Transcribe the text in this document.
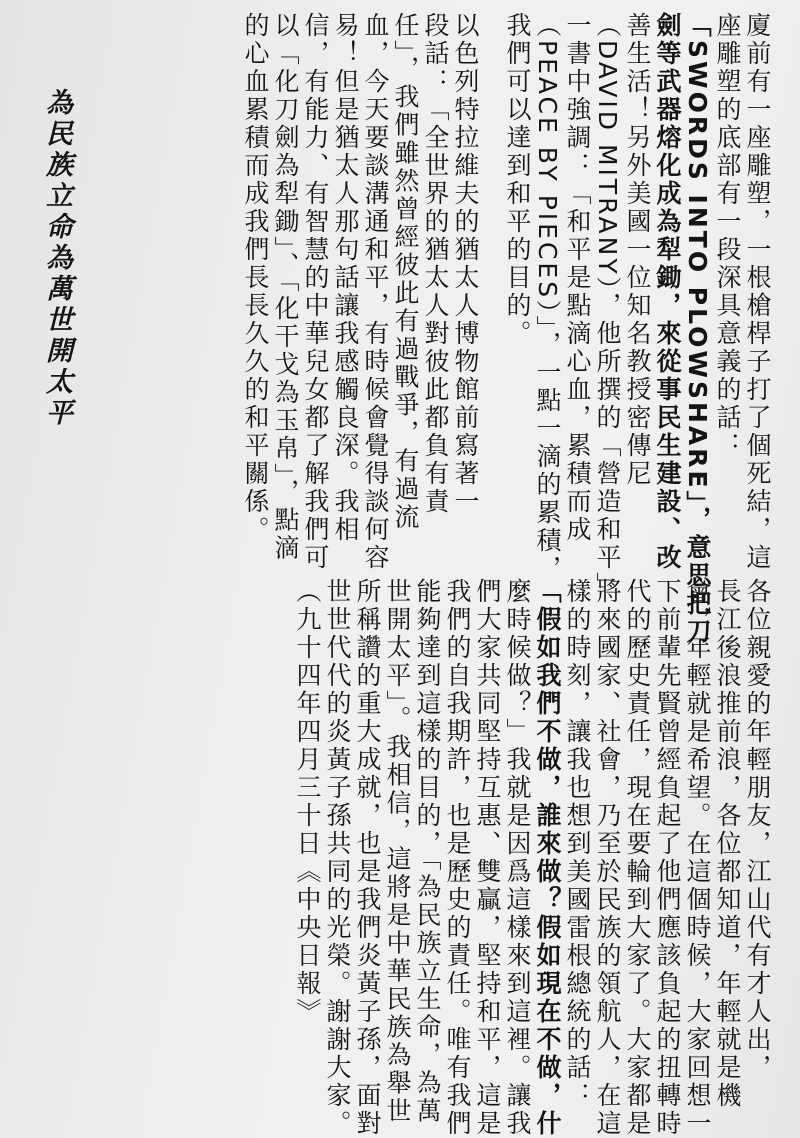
廈前有一座雕塑，一根槍桿子打了個死結，這

座雕塑的底部有一段深具意義的話：

「SWORDS INTO PLOWSHARE」，意思把刀

劍等武器熔化成為犁鋤，來從事民生建設、改

善生活！另外美國一位知名教授密傳尼

（DAVID MITRANY），他所撰的「營造和平」

一書中強調：「和平是點滴心血，累積而成

（PEACE BY PIECES）」，一點一滴的累積，

我們可以達到和平的目的。

以色列特拉維夫的猶太人博物館前寫著一

段話：「全世界的猶太人對彼此都負有責

任」，我們雖然曾經彼此有過戰爭，有過流

血，今天要談溝通和平，有時候會覺得談何容

易！但是猶太人那句話讓我感觸良深。我相

信，有能力、有智慧的中華兒女都了解我們可

以「化刀劍為犁鋤」、「化干戈為玉帛」，點滴

的心血累積而成我們長長久久的和平關係。

各位親愛的年輕朋友，江山代有才人出，

長江後浪推前浪，各位都知道，年輕就是機

會，年輕就是希望。在這個時候，大家回想一

下前輩先賢曾經負起了他們應該負起的扭轉時

代的歷史責任，現在要輪到大家了。大家都是

將來國家、社會，乃至於民族的領航人，在這

樣的時刻，讓我也想到美國雷根總統的話：

「假如我們不做，誰來做？假如現在不做，什

麼時候做？」我就是因爲這樣來到這裡。讓我

們大家共同堅持互惠、雙贏，堅持和平，這是

我們的自我期許，也是歷史的責任。唯有我們

能夠達到這樣的目的，「為民族立生命，為萬

世開太平」。我相信，這將是中華民族為舉世

所稱讚的重大成就，也是我們炎黃子孫，面對

世世代代的炎黃子孫共同的光榮。謝謝大家。

（九十四年四月三十日《中央日報》

為民族立命為萬世開太平
